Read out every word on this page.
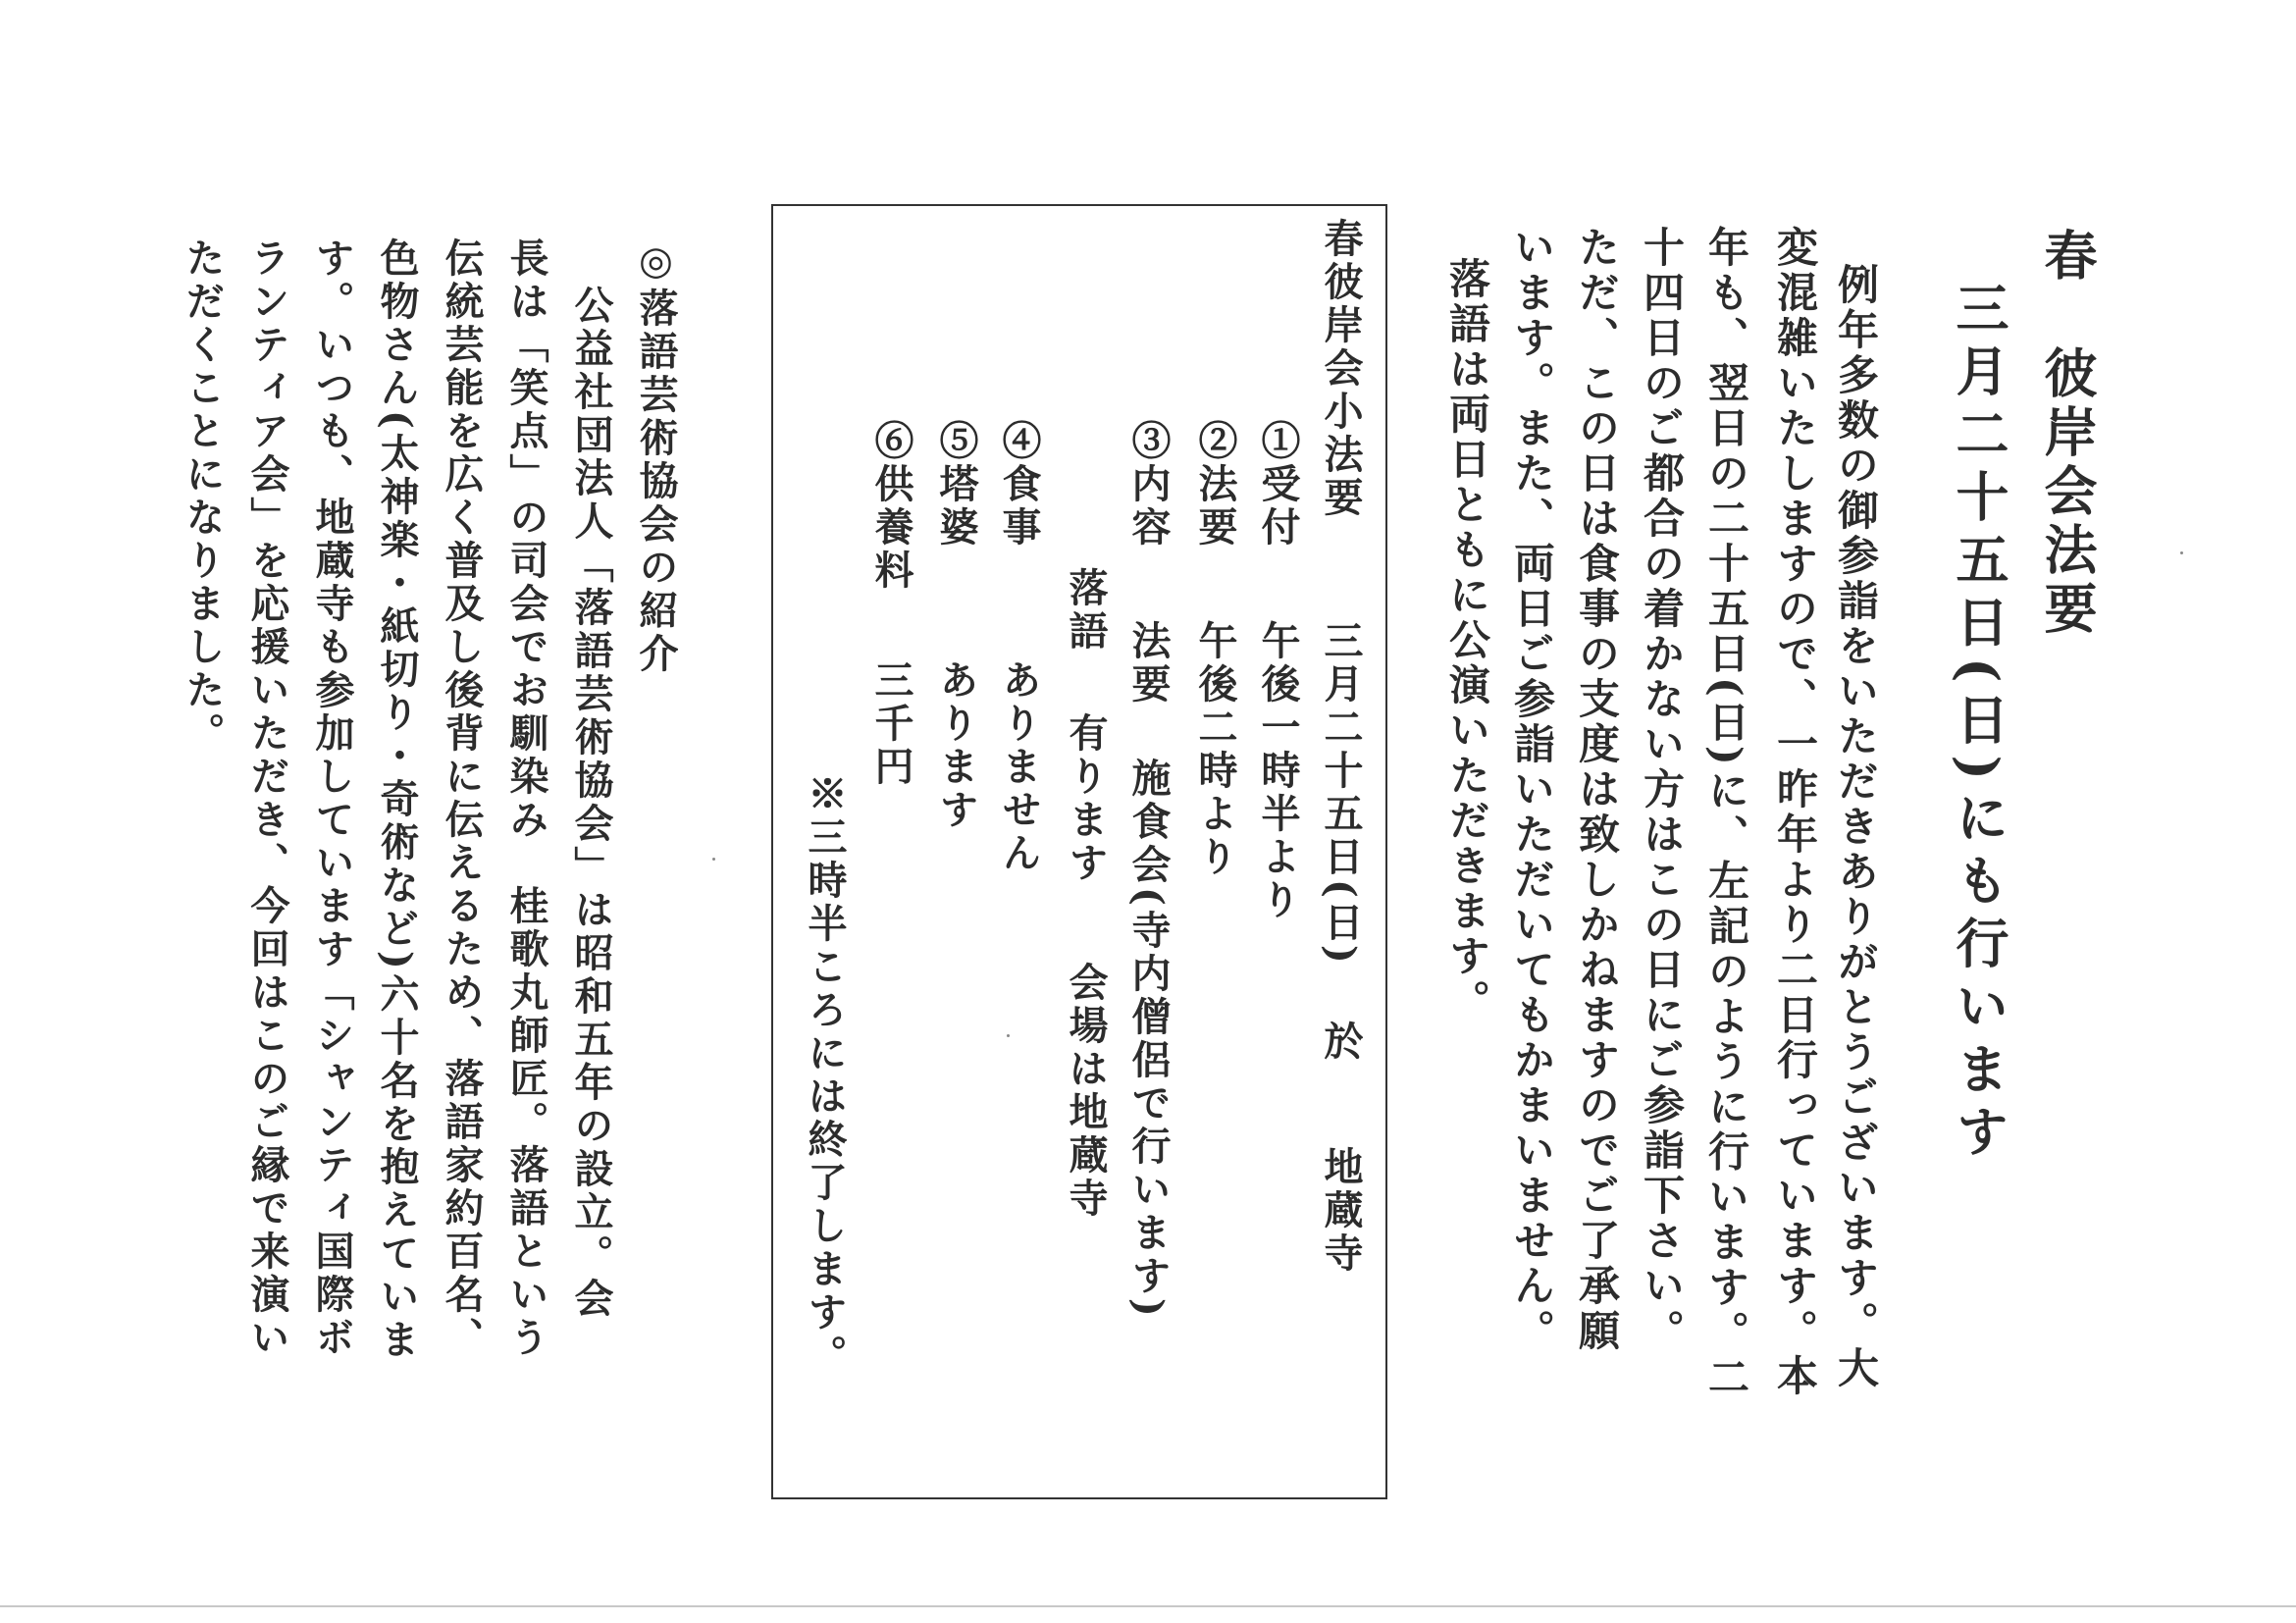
春　彼岸会法要
三月二十五日(日)にも行います
例年多数の御参詣をいただきありがとうございます。大
変混雑いたしますので、一昨年より二日行っています。本
年も、翌日の二十五日(日)に、左記のように行います。二
十四日のご都合の着かない方はこの日にご参詣下さい。
ただ、この日は食事の支度は致しかねますのでご了承願
います。また、両日ご参詣いただいてもかまいません。
落語は両日ともに公演いただきます。
春彼岸会小法要
三月二十五日(日)
於
地蔵寺
①受付
午後一時半より
②法要
午後二時より
③内容
法要
施食会(寺内僧侶で行います)
落語
有ります
会場は地蔵寺
④食事
ありません
⑤塔婆
あります
⑥供養料
三千円
※三時半ころには終了します。
◎落語芸術協会の紹介
公益社団法人「落語芸術協会」は昭和五年の設立。会
長は「笑点」の司会でお馴染み　桂歌丸師匠。落語という
伝統芸能を広く普及し後背に伝えるため、落語家約百名、
色物さん(太神楽・紙切り・奇術など)六十名を抱えていま
す。いつも、地蔵寺も参加しています「シャンティ国際ボ
ランティア会」を応援いただき、今回はこのご縁で来演い
ただくことになりました。
